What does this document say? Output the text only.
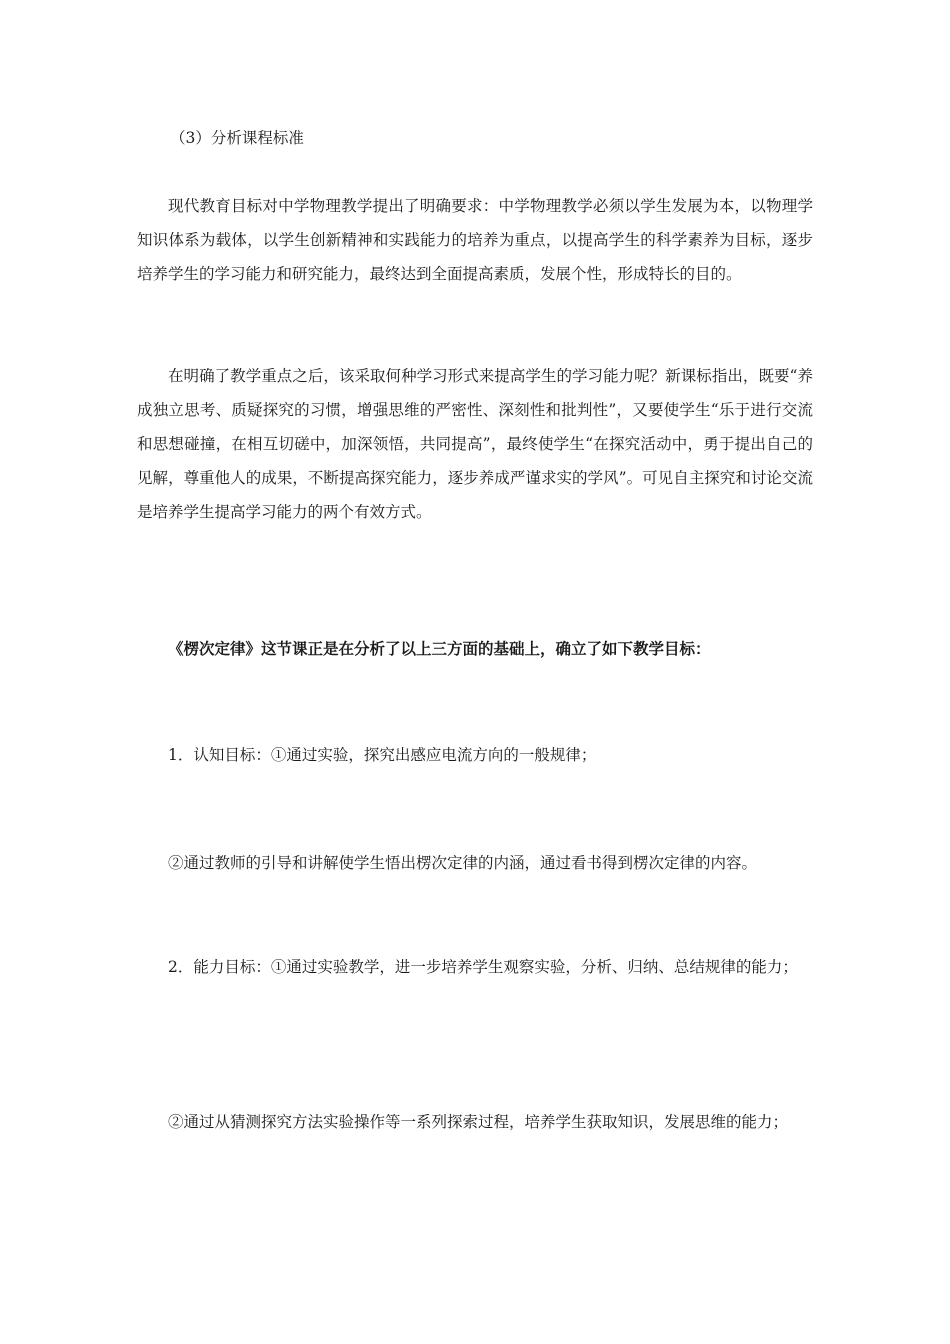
（3）分析课程标准

现代教育目标对中学物理教学提出了明确要求：中学物理教学必须以学生发展为本，以物理学知识体系为载体，以学生创新精神和实践能力的培养为重点，以提高学生的科学素养为目标，逐步培养学生的学习能力和研究能力，最终达到全面提高素质，发展个性，形成特长的目的。

在明确了教学重点之后，该采取何种学习形式来提高学生的学习能力呢？新课标指出，既要“养成独立思考、质疑探究的习惯，增强思维的严密性、深刻性和批判性”，又要使学生“乐于进行交流和思想碰撞，在相互切磋中，加深领悟，共同提高”，最终使学生“在探究活动中，勇于提出自己的见解，尊重他人的成果，不断提高探究能力，逐步养成严谨求实的学风”。可见自主探究和讨论交流是培养学生提高学习能力的两个有效方式。

《楞次定律》这节课正是在分析了以上三方面的基础上，确立了如下教学目标：

1．认知目标：①通过实验，探究出感应电流方向的一般规律；

②通过教师的引导和讲解使学生悟出楞次定律的内涵，通过看书得到楞次定律的内容。

2．能力目标：①通过实验教学，进一步培养学生观察实验，分析、归纳、总结规律的能力；

②通过从猜测探究方法实验操作等一系列探索过程，培养学生获取知识，发展思维的能力；
